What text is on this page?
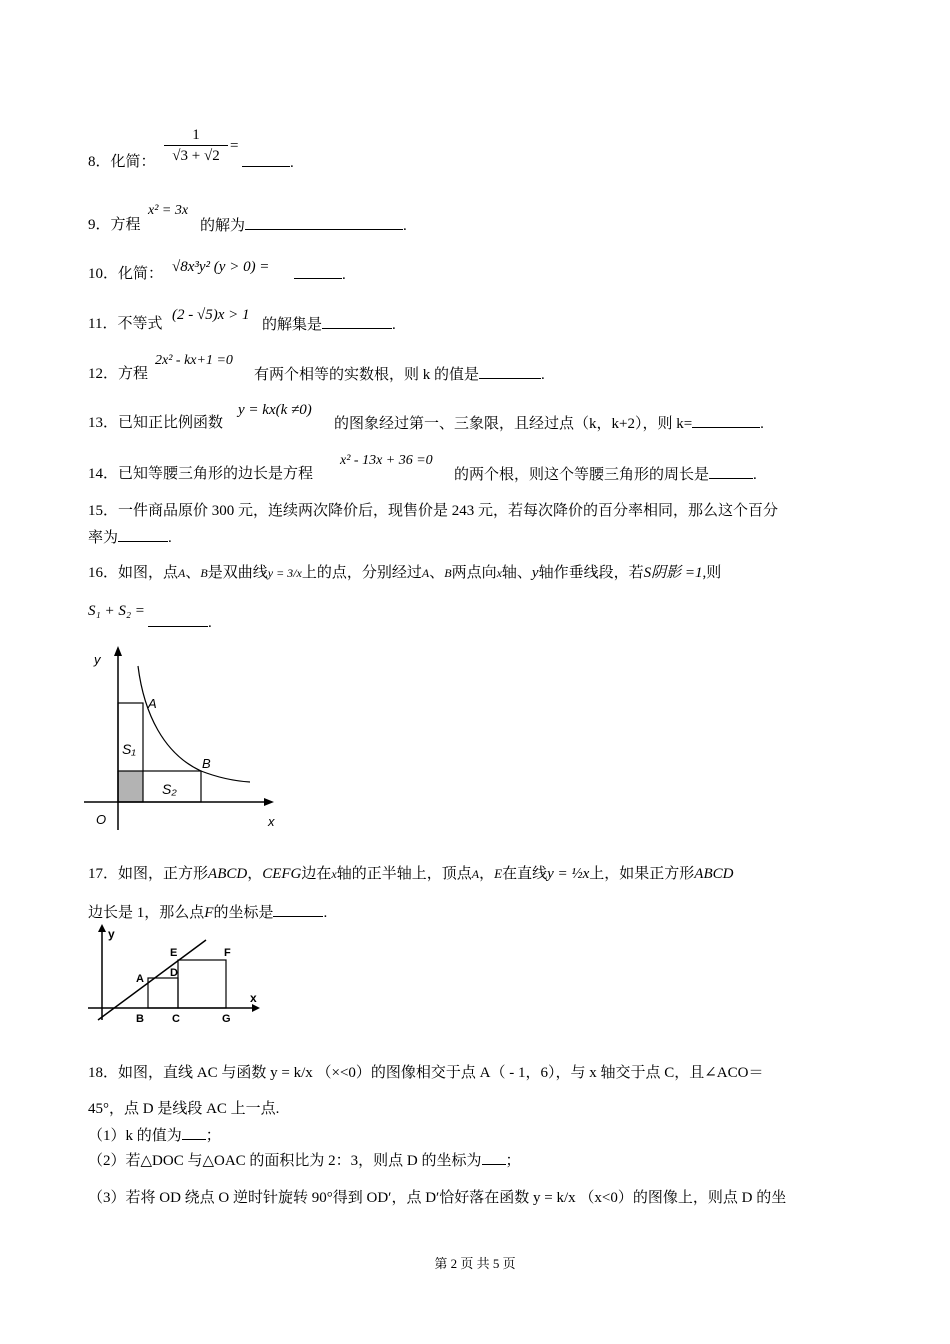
8．化简：
1
√3 + √2
=
.
9．方程
x² = 3x
的解为	.
10．化简： √8x³y² (y > 0) =	.
11．不等式
(2 - √5)x > 1
的解集是	.
12．方程
2x² - kx+1 =0
有两个相等的实数根，则 k 的值是	.
13．已知正比例函数
y = kx(k ≠0)
的图象经过第一、三象限，且经过点（k，k+2），则 k=	.
14．已知等腰三角形的边长是方程
x² - 13x + 36 =0
的两个根，则这个等腰三角形的周长是	.
15．一件商品原价 300 元，连续两次降价后，现售价是 243 元，若每次降价的百分率相同，那么这个百分
率为	.
16．如图，点A、B是双曲线y = 3/x上的点，分别经过A、B两点向x轴、y轴作垂线段，若S阴影 =1,则
S₁ + S₂ =
.
y
A
B
S₁
S₂
O	x
17．如图，正方形ABCD，CEFG边在x轴的正半轴上，顶点A，E在直线y = ½x上，如果正方形ABCD
边长是 1，那么点F的坐标是	.
y
x
A D
E	F
B	C	G
18．如图，直线 AC 与函数 y = k/x （×<0）的图像相交于点 A（ - 1，6），与 x 轴交于点 C，且∠ACO＝
45°，点 D 是线段 AC 上一点.
（1）k 的值为 ；
（2）若△DOC 与△OAC 的面积比为 2：3，则点 D 的坐标为 ；
（3）若将 OD 绕点 O 逆时针旋转 90°得到 OD′，点 D′恰好落在函数 y = k/x （x<0）的图像上，则点 D 的坐
第 2 页 共 5 页
